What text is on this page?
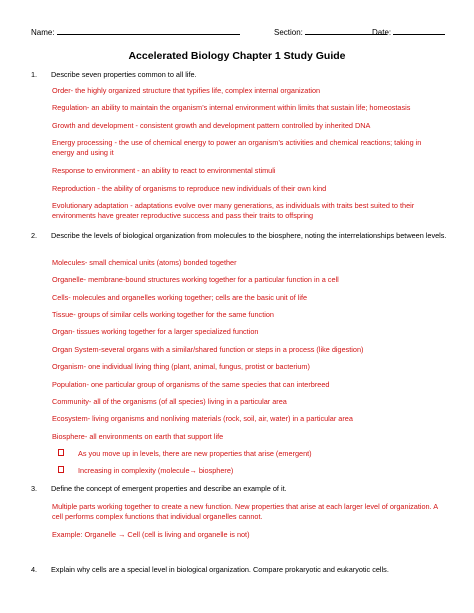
Name:	Section:	Date:
Accelerated Biology Chapter 1 Study Guide
1. Describe seven properties common to all life.
Order- the highly organized structure that typifies life, complex internal organization
Regulation- an ability to maintain the organism’s internal environment within limits that sustain life; homeostasis
Growth and development - consistent growth and development pattern controlled by inherited DNA
Energy processing - the use of chemical energy to power an organism’s activities and chemical reactions; taking in energy and using it
Response to environment - an ability to react to environmental stimuli
Reproduction - the ability of organisms to reproduce new individuals of their own kind
Evolutionary adaptation - adaptations evolve over many generations, as individuals with traits best suited to their environments have greater reproductive success and pass their traits to offspring
2. Describe the levels of biological organization from molecules to the biosphere, noting the interrelationships between levels.
Molecules- small chemical units (atoms) bonded together
Organelle- membrane-bound structures working together for a particular function in a cell
Cells- molecules and organelles working together; cells are the basic unit of life
Tissue- groups of similar cells working together for the same function
Organ- tissues working together for a larger specialized function
Organ System-several organs with a similar/shared function or steps in a process (like digestion)
Organism- one individual living thing (plant, animal, fungus, protist or bacterium)
Population- one particular group of organisms of the same species that can interbreed
Community- all of the organisms (of all species) living in a particular area
Ecosystem- living organisms and nonliving materials (rock, soil, air, water) in a particular area
Biosphere- all environments on earth that support life
As you move up in levels, there are new properties that arise (emergent)
Increasing in complexity (molecule→ biosphere)
3. Define the concept of emergent properties and describe an example of it.
Multiple parts working together to create a new function. New properties that arise at each larger level of organization. A cell performs complex functions that individual organelles cannot.
Example: Organelle → Cell (cell is living and organelle is not)
4. Explain why cells are a special level in biological organization. Compare prokaryotic and eukaryotic cells.
